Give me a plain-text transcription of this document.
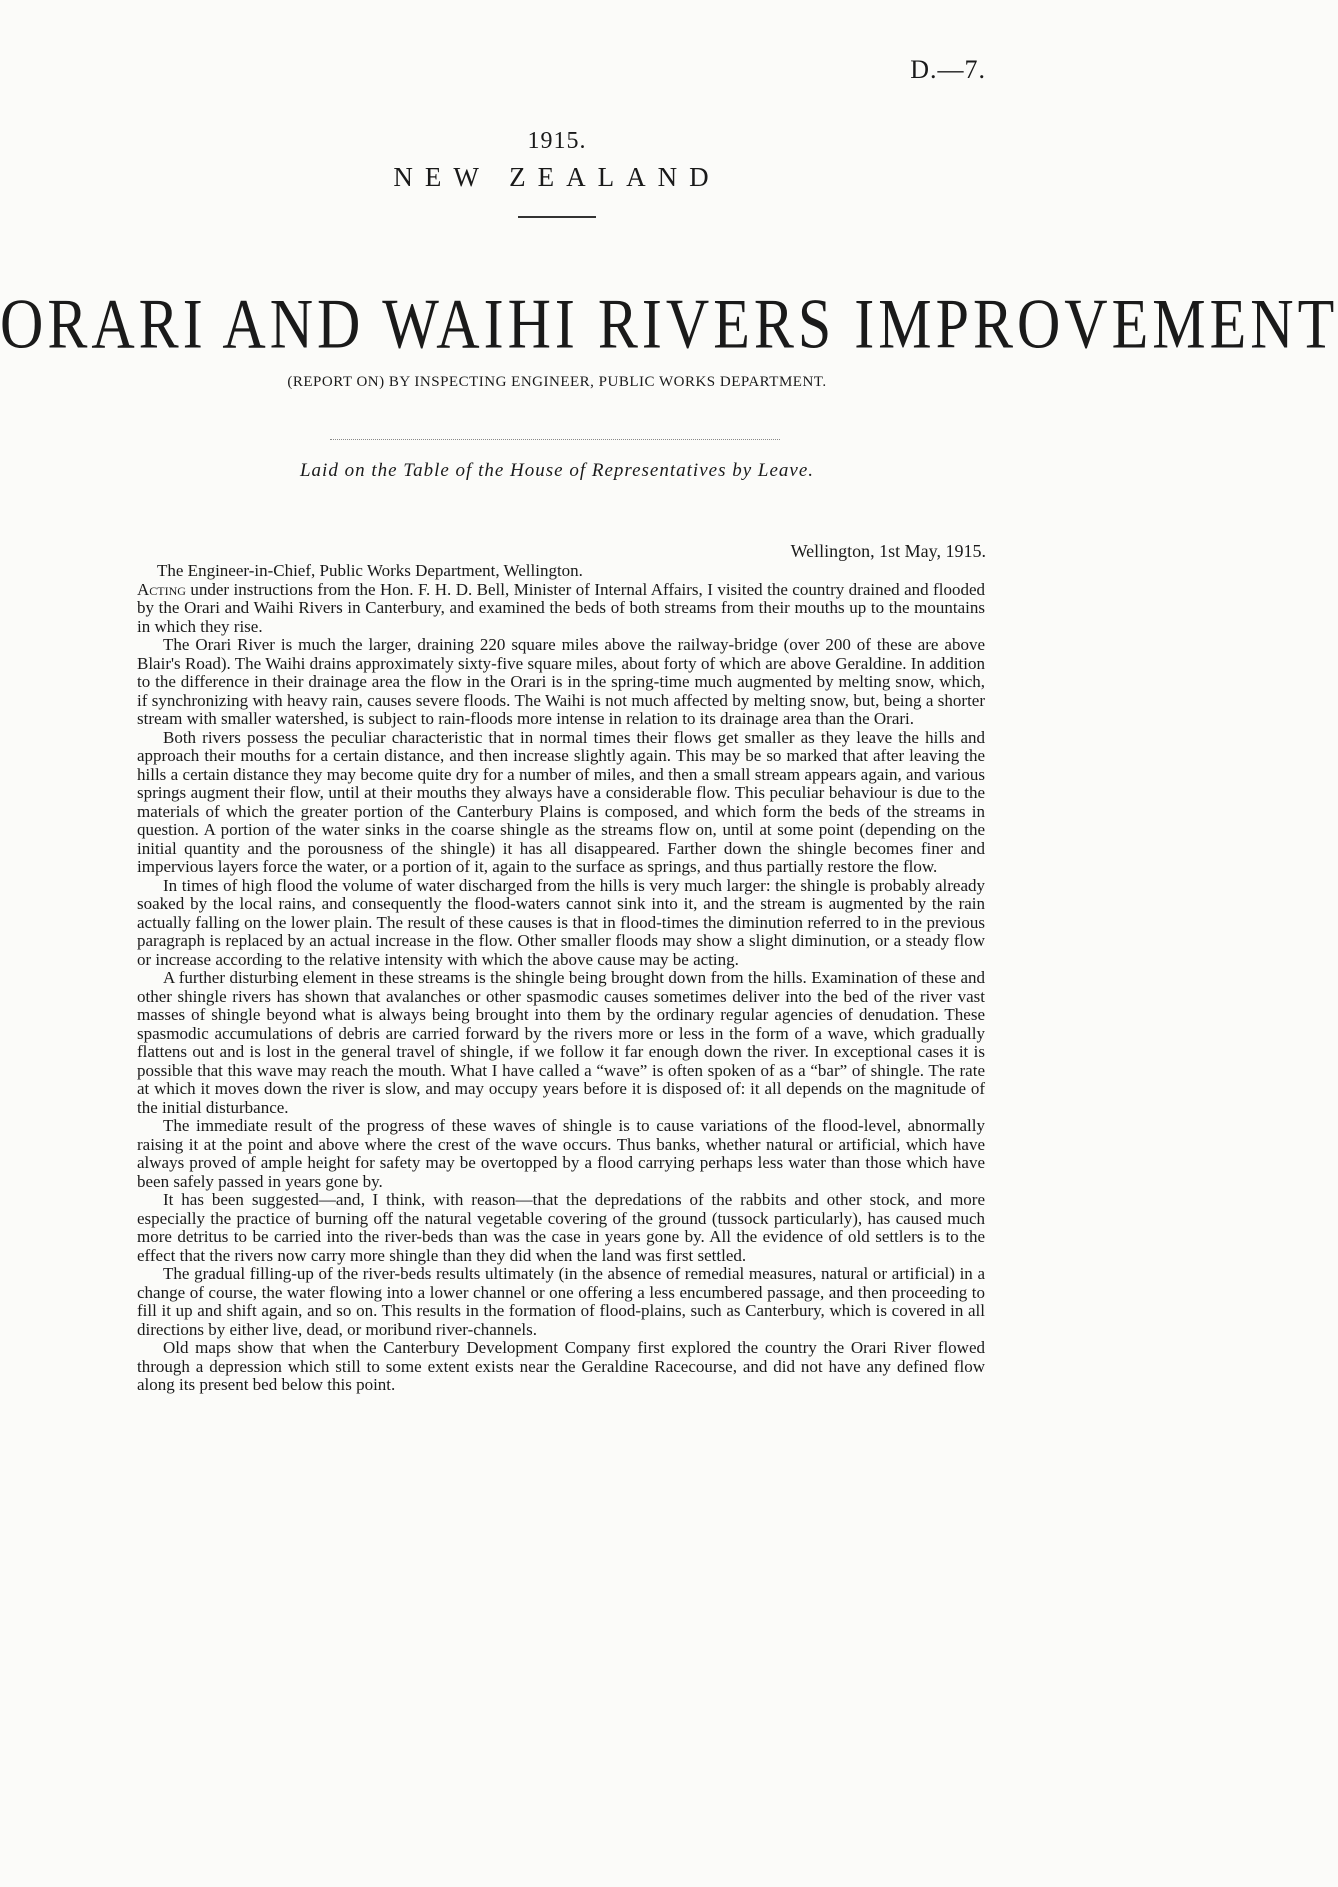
D.—7.
1915.
NEW ZEALAND
ORARI AND WAIHI RIVERS IMPROVEMENT
(REPORT ON) BY INSPECTING ENGINEER, PUBLIC WORKS DEPARTMENT.
Laid on the Table of the House of Representatives by Leave.
Wellington, 1st May, 1915.

The Engineer-in-Chief, Public Works Department, Wellington.

Acting under instructions from the Hon. F. H. D. Bell, Minister of Internal Affairs, I visited the country drained and flooded by the Orari and Waihi Rivers in Canterbury, and examined the beds of both streams from their mouths up to the mountains in which they rise.

The Orari River is much the larger, draining 220 square miles above the railway-bridge (over 200 of these are above Blair's Road). The Waihi drains approximately sixty-five square miles, about forty of which are above Geraldine. In addition to the difference in their drainage area the flow in the Orari is in the spring-time much augmented by melting snow, which, if synchronizing with heavy rain, causes severe floods. The Waihi is not much affected by melting snow, but, being a shorter stream with smaller watershed, is subject to rain-floods more intense in relation to its drainage area than the Orari.

Both rivers possess the peculiar characteristic that in normal times their flows get smaller as they leave the hills and approach their mouths for a certain distance, and then increase slightly again. This may be so marked that after leaving the hills a certain distance they may become quite dry for a number of miles, and then a small stream appears again, and various springs augment their flow, until at their mouths they always have a considerable flow. This peculiar behaviour is due to the materials of which the greater portion of the Canterbury Plains is composed, and which form the beds of the streams in question. A portion of the water sinks in the coarse shingle as the streams flow on, until at some point (depending on the initial quantity and the porousness of the shingle) it has all disappeared. Farther down the shingle becomes finer and impervious layers force the water, or a portion of it, again to the surface as springs, and thus partially restore the flow.

In times of high flood the volume of water discharged from the hills is very much larger: the shingle is probably already soaked by the local rains, and consequently the flood-waters cannot sink into it, and the stream is augmented by the rain actually falling on the lower plain. The result of these causes is that in flood-times the diminution referred to in the previous paragraph is replaced by an actual increase in the flow. Other smaller floods may show a slight diminution, or a steady flow or increase according to the relative intensity with which the above cause may be acting.

A further disturbing element in these streams is the shingle being brought down from the hills. Examination of these and other shingle rivers has shown that avalanches or other spasmodic causes sometimes deliver into the bed of the river vast masses of shingle beyond what is always being brought into them by the ordinary regular agencies of denudation. These spasmodic accumulations of debris are carried forward by the rivers more or less in the form of a wave, which gradually flattens out and is lost in the general travel of shingle, if we follow it far enough down the river. In exceptional cases it is possible that this wave may reach the mouth. What I have called a “wave” is often spoken of as a “bar” of shingle. The rate at which it moves down the river is slow, and may occupy years before it is disposed of: it all depends on the magnitude of the initial disturbance.

The immediate result of the progress of these waves of shingle is to cause variations of the flood-level, abnormally raising it at the point and above where the crest of the wave occurs. Thus banks, whether natural or artificial, which have always proved of ample height for safety may be overtopped by a flood carrying perhaps less water than those which have been safely passed in years gone by.

It has been suggested—and, I think, with reason—that the depredations of the rabbits and other stock, and more especially the practice of burning off the natural vegetable covering of the ground (tussock particularly), has caused much more detritus to be carried into the river-beds than was the case in years gone by. All the evidence of old settlers is to the effect that the rivers now carry more shingle than they did when the land was first settled.

The gradual filling-up of the river-beds results ultimately (in the absence of remedial measures, natural or artificial) in a change of course, the water flowing into a lower channel or one offering a less encumbered passage, and then proceeding to fill it up and shift again, and so on. This results in the formation of flood-plains, such as Canterbury, which is covered in all directions by either live, dead, or moribund river-channels.

Old maps show that when the Canterbury Development Company first explored the country the Orari River flowed through a depression which still to some extent exists near the Geraldine Racecourse, and did not have any defined flow along its present bed below this point.
